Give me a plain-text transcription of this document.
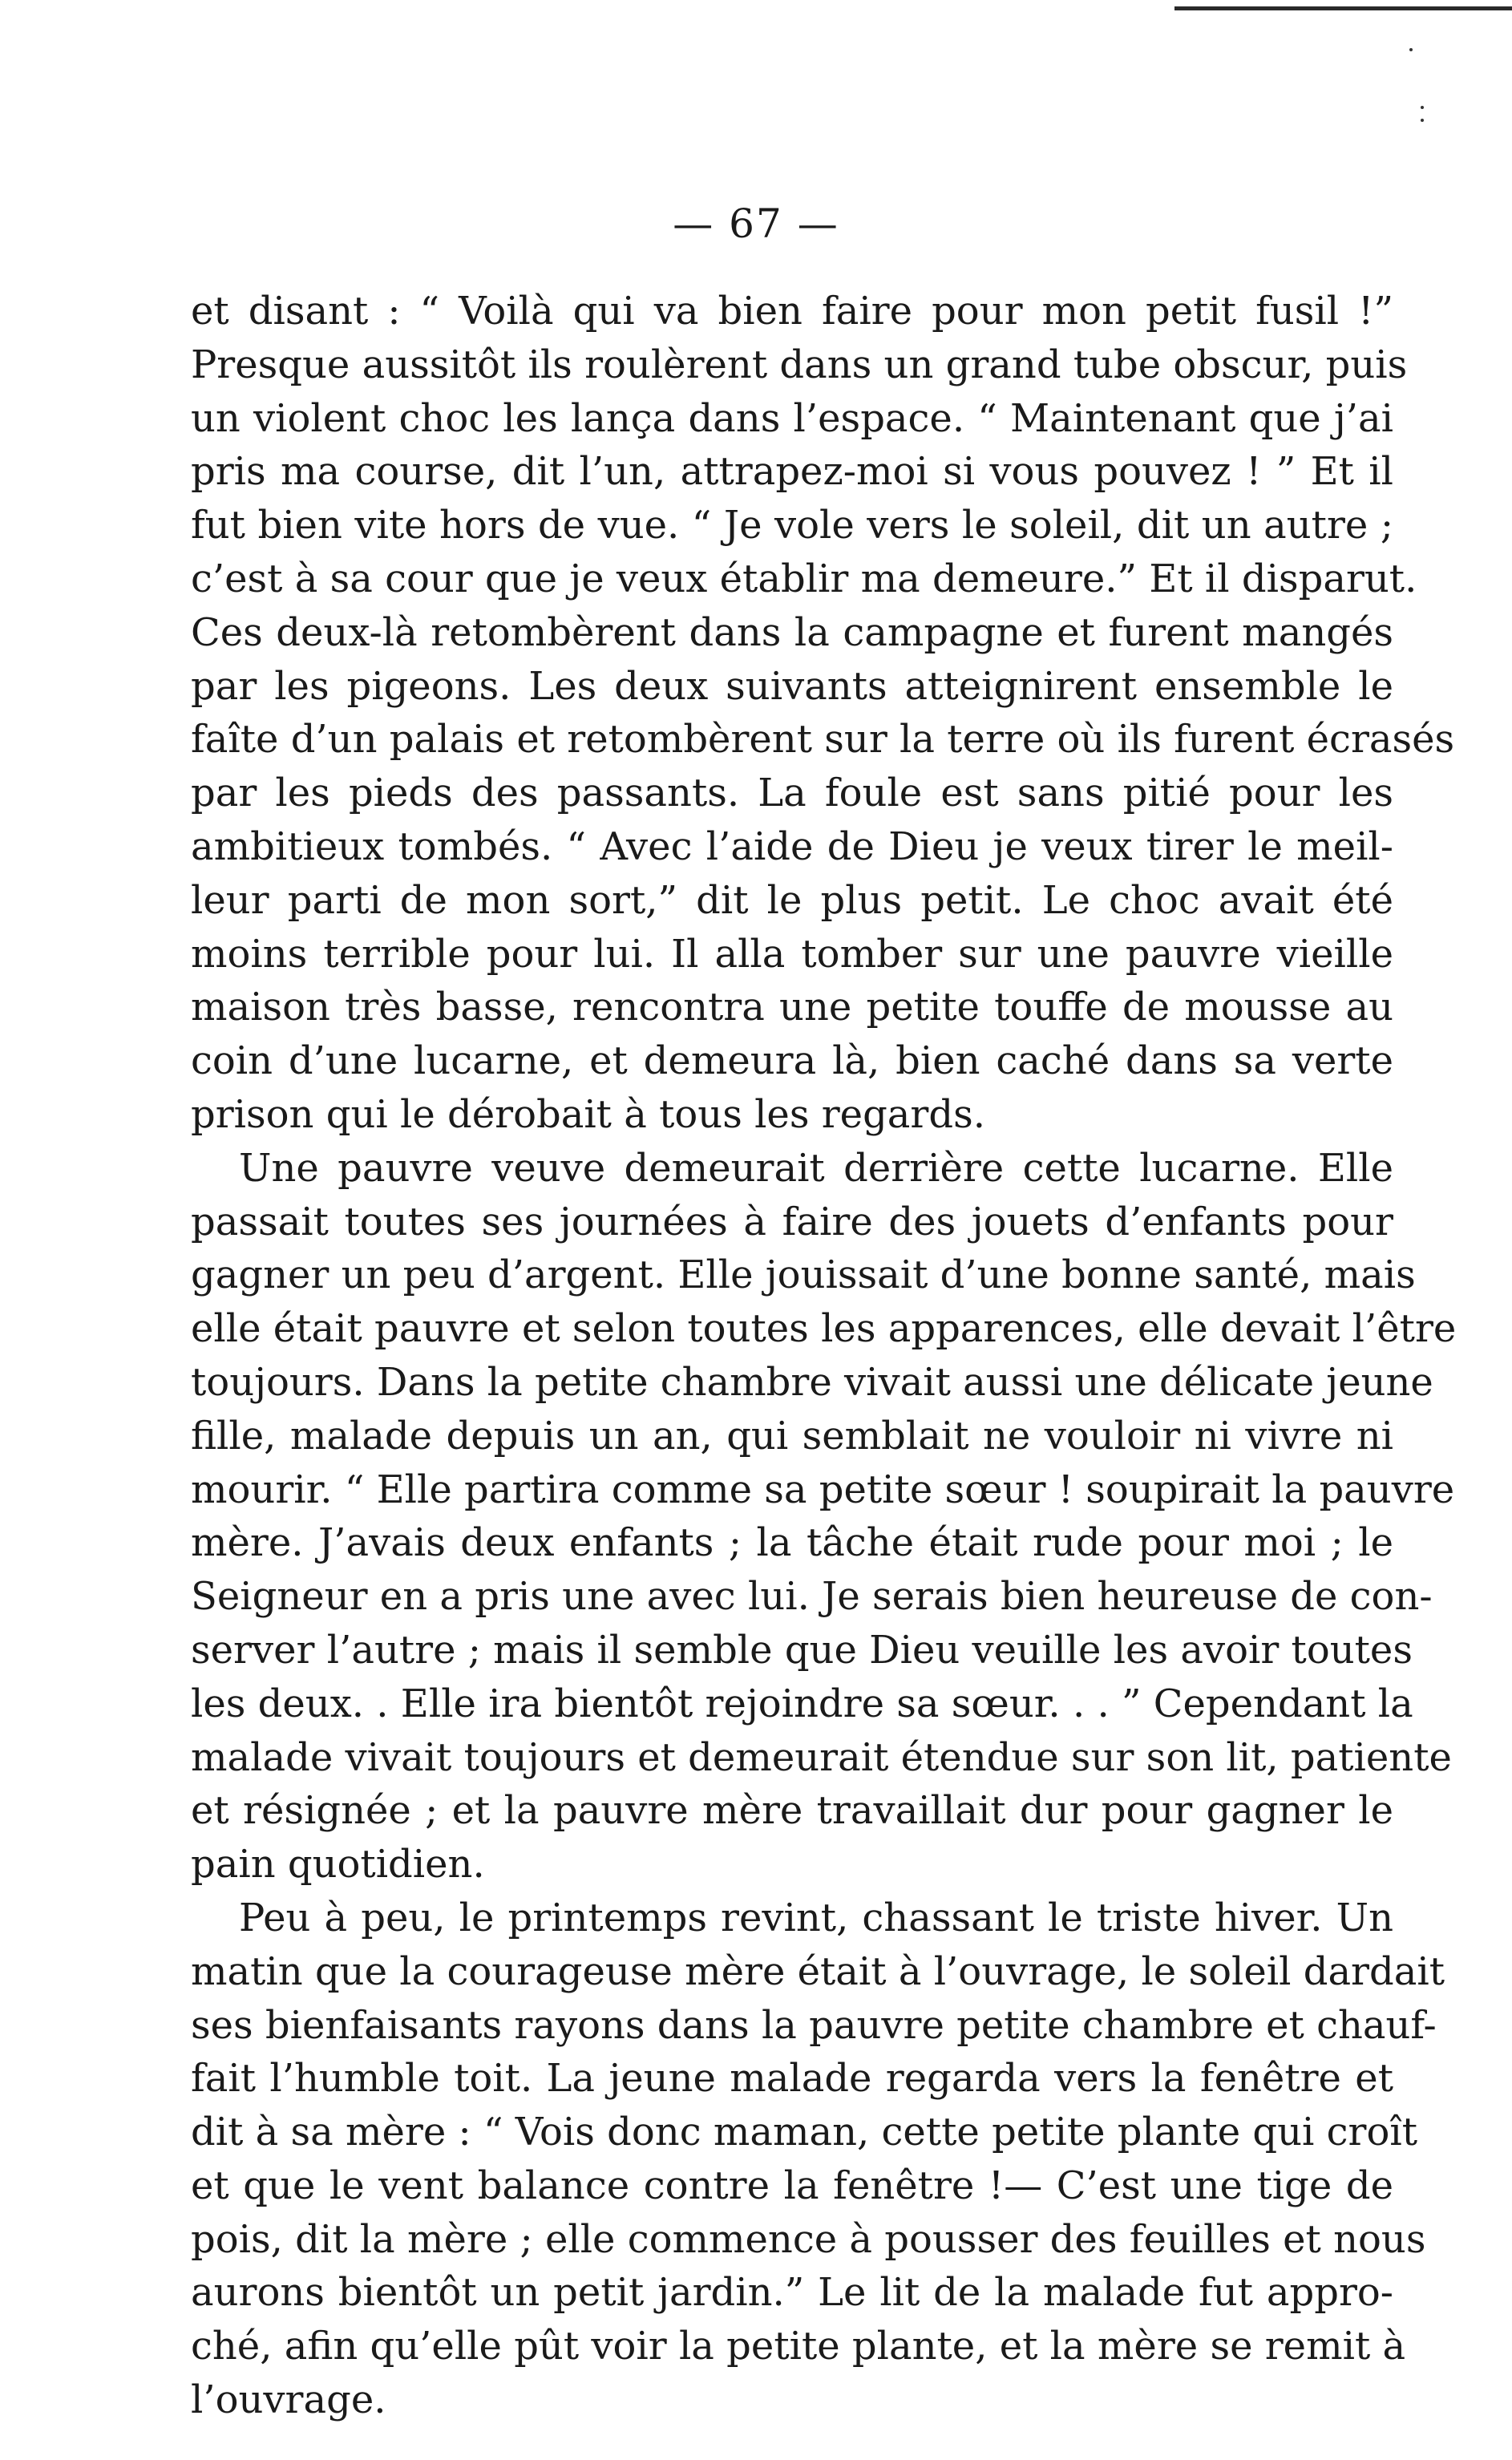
— 67 —
et disant : “ Voilà qui va bien faire pour mon petit fusil !”
Presque aussitôt ils roulèrent dans un grand tube obscur, puis
un violent choc les lança dans l’espace. “ Maintenant que j’ai
pris ma course, dit l’un, attrapez-moi si vous pouvez ! ” Et il
fut bien vite hors de vue. “ Je vole vers le soleil, dit un autre ;
c’est à sa cour que je veux établir ma demeure.” Et il disparut.
Ces deux-là retombèrent dans la campagne et furent mangés
par les pigeons. Les deux suivants atteignirent ensemble le
faîte d’un palais et retombèrent sur la terre où ils furent écrasés
par les pieds des passants. La foule est sans pitié pour les
ambitieux tombés. “ Avec l’aide de Dieu je veux tirer le meil-
leur parti de mon sort,” dit le plus petit. Le choc avait été
moins terrible pour lui. Il alla tomber sur une pauvre vieille
maison très basse, rencontra une petite touffe de mousse au
coin d’une lucarne, et demeura là, bien caché dans sa verte
prison qui le dérobait à tous les regards.
Une pauvre veuve demeurait derrière cette lucarne. Elle
passait toutes ses journées à faire des jouets d’enfants pour
gagner un peu d’argent. Elle jouissait d’une bonne santé, mais
elle était pauvre et selon toutes les apparences, elle devait l’être
toujours. Dans la petite chambre vivait aussi une délicate jeune
fille, malade depuis un an, qui semblait ne vouloir ni vivre ni
mourir. “ Elle partira comme sa petite sœur ! soupirait la pauvre
mère. J’avais deux enfants ; la tâche était rude pour moi ; le
Seigneur en a pris une avec lui. Je serais bien heureuse de con-
server l’autre ; mais il semble que Dieu veuille les avoir toutes
les deux. . Elle ira bientôt rejoindre sa sœur. . . ” Cependant la
malade vivait toujours et demeurait étendue sur son lit, patiente
et résignée ; et la pauvre mère travaillait dur pour gagner le
pain quotidien.
Peu à peu, le printemps revint, chassant le triste hiver. Un
matin que la courageuse mère était à l’ouvrage, le soleil dardait
ses bienfaisants rayons dans la pauvre petite chambre et chauf-
fait l’humble toit. La jeune malade regarda vers la fenêtre et
dit à sa mère : “ Vois donc maman, cette petite plante qui croît
et que le vent balance contre la fenêtre !— C’est une tige de
pois, dit la mère ; elle commence à pousser des feuilles et nous
aurons bientôt un petit jardin.” Le lit de la malade fut appro-
ché, afin qu’elle pût voir la petite plante, et la mère se remit à
l’ouvrage.
